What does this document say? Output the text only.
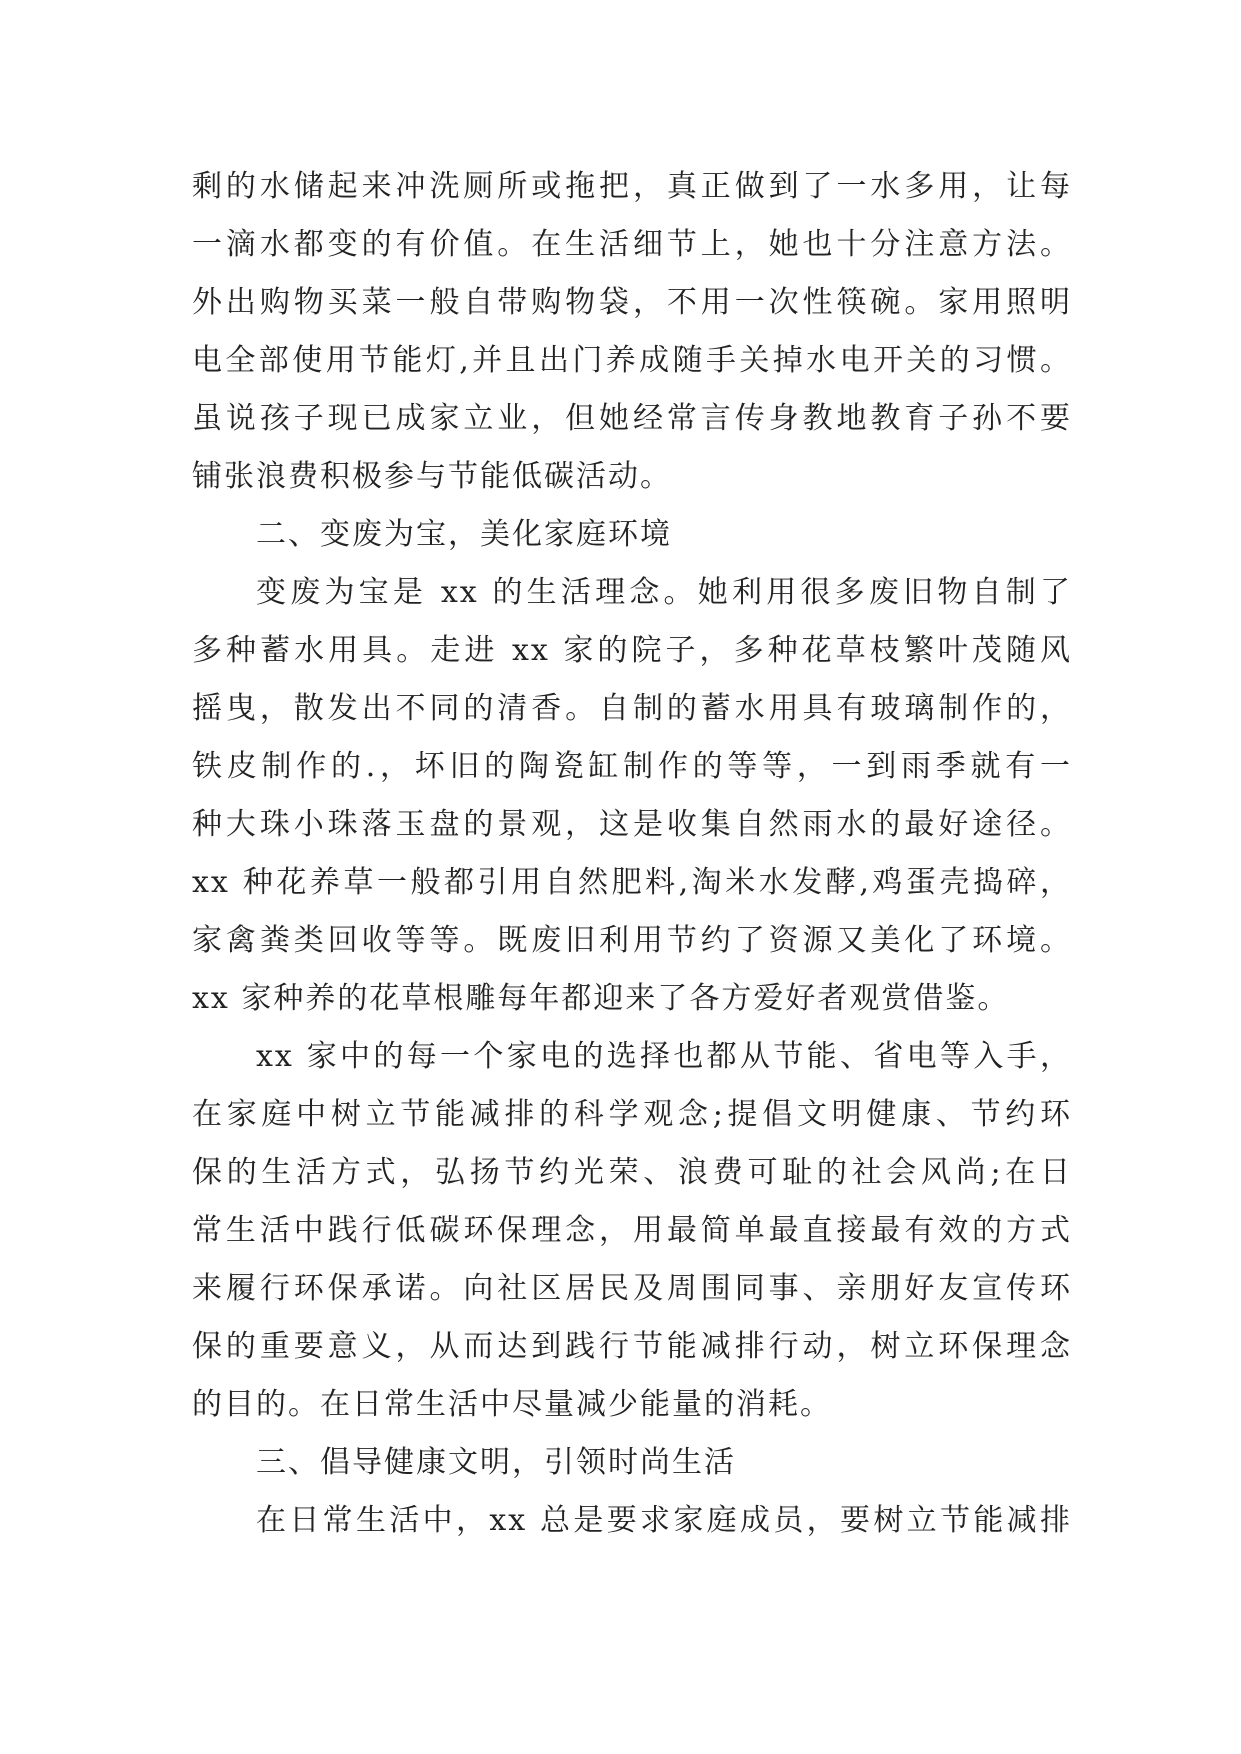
剩的水储起来冲洗厕所或拖把，真正做到了一水多用，让每
一滴水都变的有价值。在生活细节上，她也十分注意方法。
外出购物买菜一般自带购物袋，不用一次性筷碗。家用照明
电全部使用节能灯,并且出门养成随手关掉水电开关的习惯。
虽说孩子现已成家立业，但她经常言传身教地教育子孙不要
铺张浪费积极参与节能低碳活动。
二、变废为宝，美化家庭环境
变废为宝是 xx 的生活理念。她利用很多废旧物自制了
多种蓄水用具。走进 xx 家的院子，多种花草枝繁叶茂随风
摇曳，散发出不同的清香。自制的蓄水用具有玻璃制作的，
铁皮制作的.，坏旧的陶瓷缸制作的等等，一到雨季就有一
种大珠小珠落玉盘的景观，这是收集自然雨水的最好途径。
xx 种花养草一般都引用自然肥料,淘米水发酵,鸡蛋壳捣碎，
家禽粪类回收等等。既废旧利用节约了资源又美化了环境。
xx 家种养的花草根雕每年都迎来了各方爱好者观赏借鉴。
xx 家中的每一个家电的选择也都从节能、省电等入手，
在家庭中树立节能减排的科学观念;提倡文明健康、节约环
保的生活方式，弘扬节约光荣、浪费可耻的社会风尚;在日
常生活中践行低碳环保理念，用最简单最直接最有效的方式
来履行环保承诺。向社区居民及周围同事、亲朋好友宣传环
保的重要意义，从而达到践行节能减排行动，树立环保理念
的目的。在日常生活中尽量减少能量的消耗。
三、倡导健康文明，引领时尚生活
在日常生活中，xx 总是要求家庭成员，要树立节能减排
